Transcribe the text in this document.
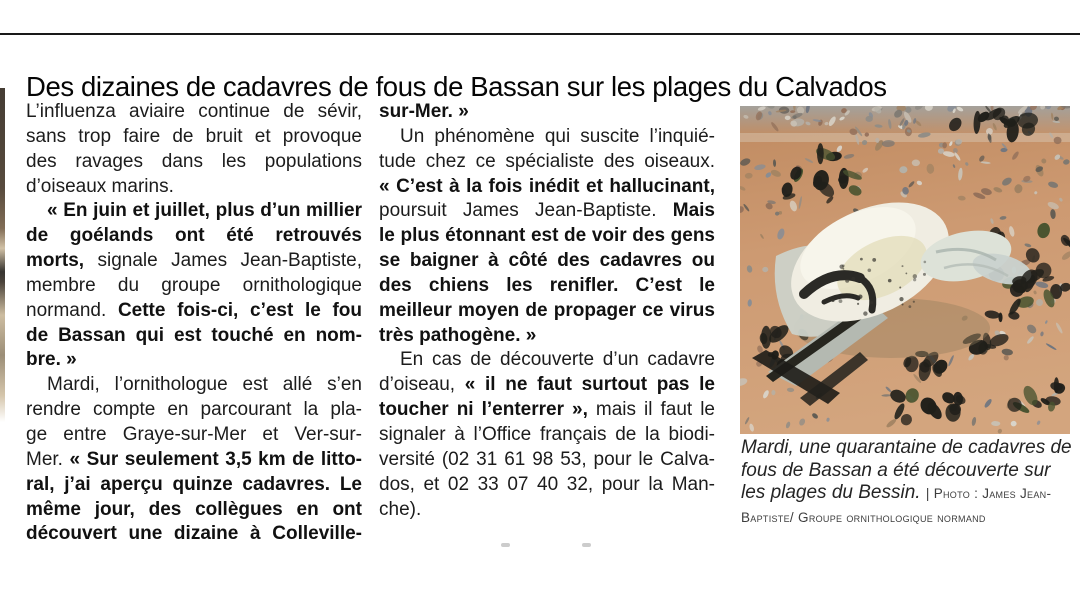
Des dizaines de cadavres de fous de Bassan sur les plages du Calvados
L’influenza aviaire continue de sévir,
sans trop faire de bruit et provoque
des ravages dans les populations
d’oiseaux marins.
« En juin et juillet, plus d’un millier
de goélands ont été retrouvés
morts, signale James Jean-Baptiste,
membre du groupe ornithologique
normand. Cette fois-ci, c’est le fou
de Bassan qui est touché en nom-
bre. »
Mardi, l’ornithologue est allé s’en
rendre compte en parcourant la pla-
ge entre Graye-sur-Mer et Ver-sur-
Mer. « Sur seulement 3,5 km de litto-
ral, j’ai aperçu quinze cadavres. Le
même jour, des collègues en ont
découvert une dizaine à Colleville-
sur-Mer. »
Un phénomène qui suscite l’inquié-
tude chez ce spécialiste des oiseaux.
« C’est à la fois inédit et hallucinant,
poursuit James Jean-Baptiste. Mais
le plus étonnant est de voir des gens
se baigner à côté des cadavres ou
des chiens les renifler. C’est le
meilleur moyen de propager ce virus
très pathogène. »
En cas de découverte d’un cadavre
d’oiseau, « il ne faut surtout pas le
toucher ni l’enterrer », mais il faut le
signaler à l’Office français de la biodi-
versité (02 31 61 98 53, pour le Calva-
dos, et 02 33 07 40 32, pour la Man-
che).
Mardi, une quarantaine de cadavres de fous de Bassan a été découverte sur les plages du Bessin. | Photo : James Jean-Baptiste/ Groupe ornithologique normand
